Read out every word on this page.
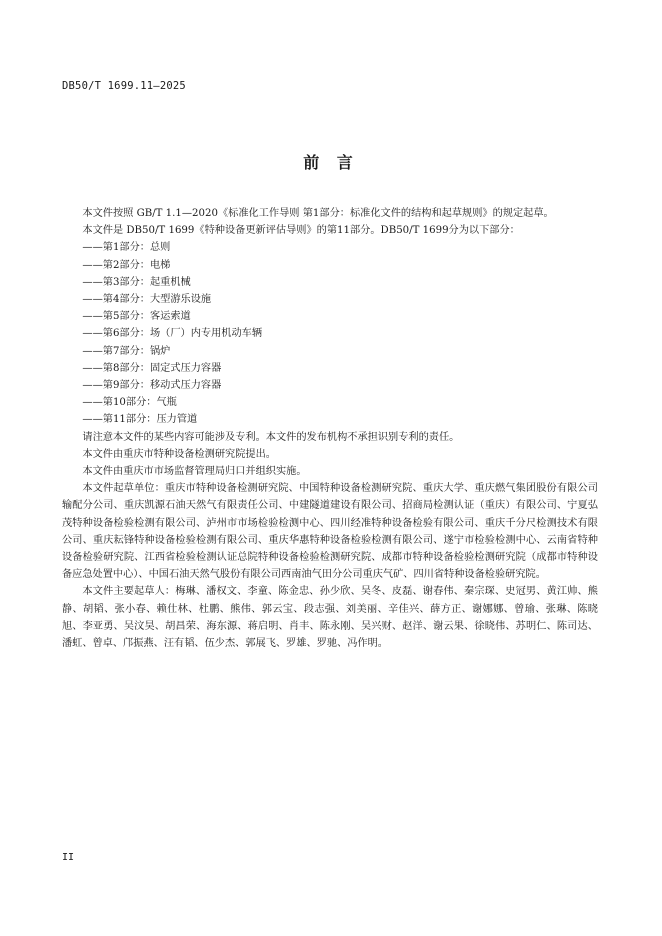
DB50/T 1699.11—2025
前 言

本文件按照 GB/T 1.1—2020《标准化工作导则 第1部分：标准化文件的结构和起草规则》的规定起草。

本文件是 DB50/T 1699《特种设备更新评估导则》的第11部分。DB50/T 1699分为以下部分：

——第1部分：总则
——第2部分：电梯
——第3部分：起重机械
——第4部分：大型游乐设施
——第5部分：客运索道
——第6部分：场（厂）内专用机动车辆
——第7部分：锅炉
——第8部分：固定式压力容器
——第9部分：移动式压力容器
——第10部分：气瓶
——第11部分：压力管道

请注意本文件的某些内容可能涉及专利。本文件的发布机构不承担识别专利的责任。

本文件由重庆市特种设备检测研究院提出。

本文件由重庆市市场监督管理局归口并组织实施。

本文件起草单位：重庆市特种设备检测研究院、中国特种设备检测研究院、重庆大学、重庆燃气集团股份有限公司输配分公司、重庆凯源石油天然气有限责任公司、中建隧道建设有限公司、招商局检测认证（重庆）有限公司、宁夏弘茂特种设备检验检测有限公司、泸州市市场检验检测中心、四川经准特种设备检验有限公司、重庆千分尺检测技术有限公司、重庆耘锋特种设备检验检测有限公司、重庆华惠特种设备检验检测有限公司、遂宁市检验检测中心、云南省特种设备检验研究院、江西省检验检测认证总院特种设备检验检测研究院、成都市特种设备检验检测研究院（成都市特种设备应急处置中心）、中国石油天然气股份有限公司西南油气田分公司重庆气矿、四川省特种设备检验研究院。

本文件主要起草人：梅琳、潘权文、李童、陈金忠、孙少欣、吴冬、皮磊、谢春伟、秦宗琛、史冠男、黄江帅、熊静、胡韬、张小春、赖仕林、杜鹏、熊伟、郭云宝、段志强、刘美丽、辛佳兴、薛方正、谢娜娜、曾瑜、张琳、陈晓旭、李亚勇、吴汶昊、胡昌荣、海东源、蒋启明、肖丰、陈永刚、吴兴财、赵洋、谢云果、徐晓伟、苏明仁、陈司达、潘虹、曾卓、邝振燕、汪有韬、伍少杰、郭展飞、罗雄、罗驰、冯作明。

II
